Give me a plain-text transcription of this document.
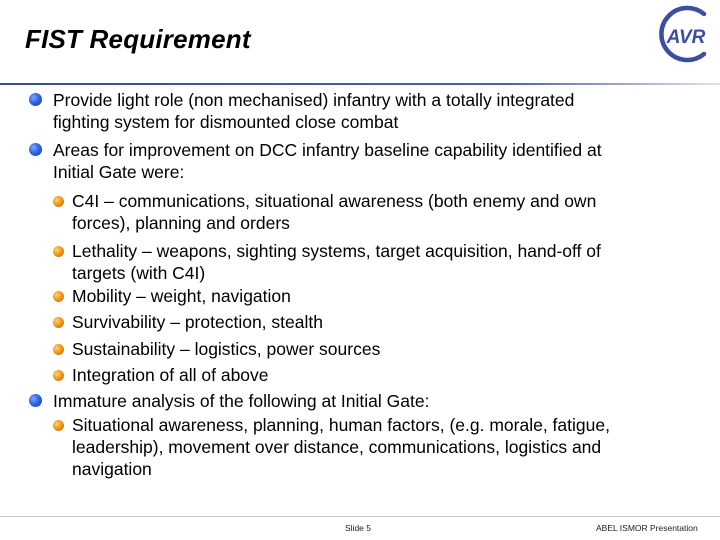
FIST Requirement	AVR
Provide light role (non mechanised) infantry with a totally integrated
fighting system for dismounted close combat
Areas for improvement on DCC infantry baseline capability identified at
Initial Gate were:
C4I – communications, situational awareness (both enemy and own
forces), planning and orders
Lethality – weapons, sighting systems, target acquisition, hand-off of
targets (with C4I)
Mobility – weight, navigation
Survivability – protection, stealth
Sustainability – logistics, power sources
Integration of all of above
Immature analysis of the following at Initial Gate:
Situational awareness, planning, human factors, (e.g. morale, fatigue,
leadership), movement over distance, communications, logistics and
navigation
Slide 5	ABEL ISMOR Presentation
